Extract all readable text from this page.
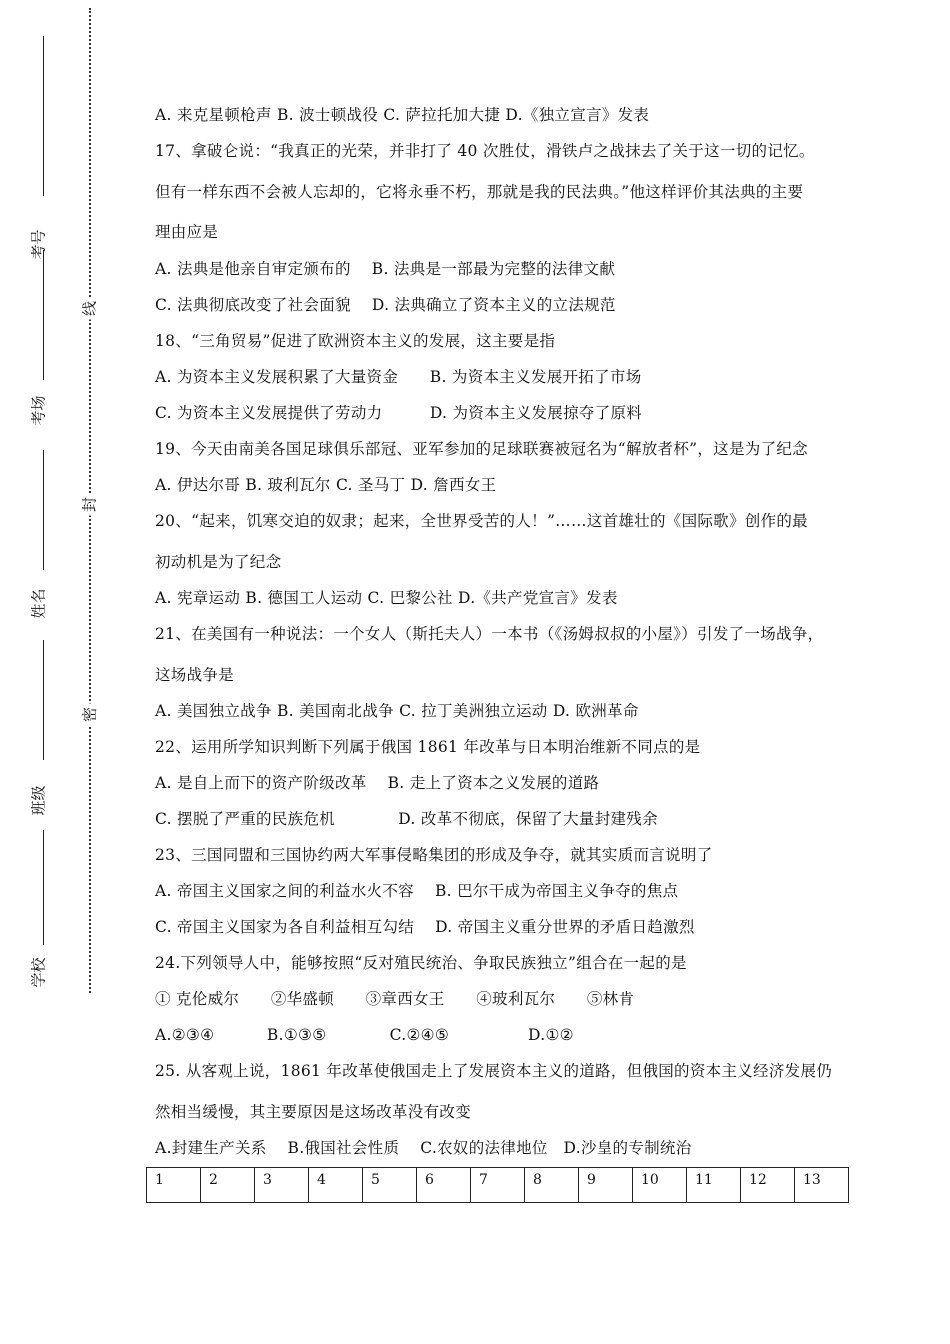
考号
考场
姓名
班级
学校
线
封
密
A. 来克星顿枪声 B. 波士顿战役 C. 萨拉托加大捷 D.《独立宣言》发表
17、拿破仑说：“我真正的光荣，并非打了 40 次胜仗，滑铁卢之战抹去了关于这一切的记忆。
但有一样东西不会被人忘却的，它将永垂不朽，那就是我的民法典。”他这样评价其法典的主要
理由应是
A. 法典是他亲自审定颁布的　 B. 法典是一部最为完整的法律文献
C. 法典彻底改变了社会面貌　 D. 法典确立了资本主义的立法规范
18、“三角贸易”促进了欧洲资本主义的发展，这主要是指
A. 为资本主义发展积累了大量资金　　B. 为资本主义发展开拓了市场
C. 为资本主义发展提供了劳动力　　　D. 为资本主义发展掠夺了原料
19、今天由南美各国足球俱乐部冠、亚军参加的足球联赛被冠名为“解放者杯”，这是为了纪念
A. 伊达尔哥 B. 玻利瓦尔 C. 圣马丁 D. 詹西女王
20、“起来，饥寒交迫的奴隶；起来，全世界受苦的人！”……这首雄壮的《国际歌》创作的最
初动机是为了纪念
A. 宪章运动 B. 德国工人运动 C. 巴黎公社 D.《共产党宣言》发表
21、在美国有一种说法：一个女人（斯托夫人）一本书（《汤姆叔叔的小屋》）引发了一场战争，
这场战争是
A. 美国独立战争 B. 美国南北战争 C. 拉丁美洲独立运动 D. 欧洲革命
22、运用所学知识判断下列属于俄国 1861 年改革与日本明治维新不同点的是
A. 是自上而下的资产阶级改革　 B. 走上了资本之义发展的道路
C. 摆脱了严重的民族危机　　　　D. 改革不彻底，保留了大量封建残余
23、三国同盟和三国协约两大军事侵略集团的形成及争夺，就其实质而言说明了
A. 帝国主义国家之间的利益水火不容　 B. 巴尔干成为帝国主义争夺的焦点
C. 帝国主义国家为各自利益相互勾结　 D. 帝国主义重分世界的矛盾日趋激烈
24.下列领导人中，能够按照“反对殖民统治、争取民族独立”组合在一起的是
① 克伦威尔　　②华盛顿　　③章西女王　　④玻利瓦尔　　⑤林肯
A.②③④　　　 B.①③⑤　　　　C.②④⑤　　　　　D.①②
25. 从客观上说，1861 年改革使俄国走上了发展资本主义的道路，但俄国的资本主义经济发展仍
然相当缓慢，其主要原因是这场改革没有改变
A.封建生产关系　 B.俄国社会性质　 C.农奴的法律地位　D.沙皇的专制统治
1	2	3	4	5	6	7	8	9	10	11	12	13
